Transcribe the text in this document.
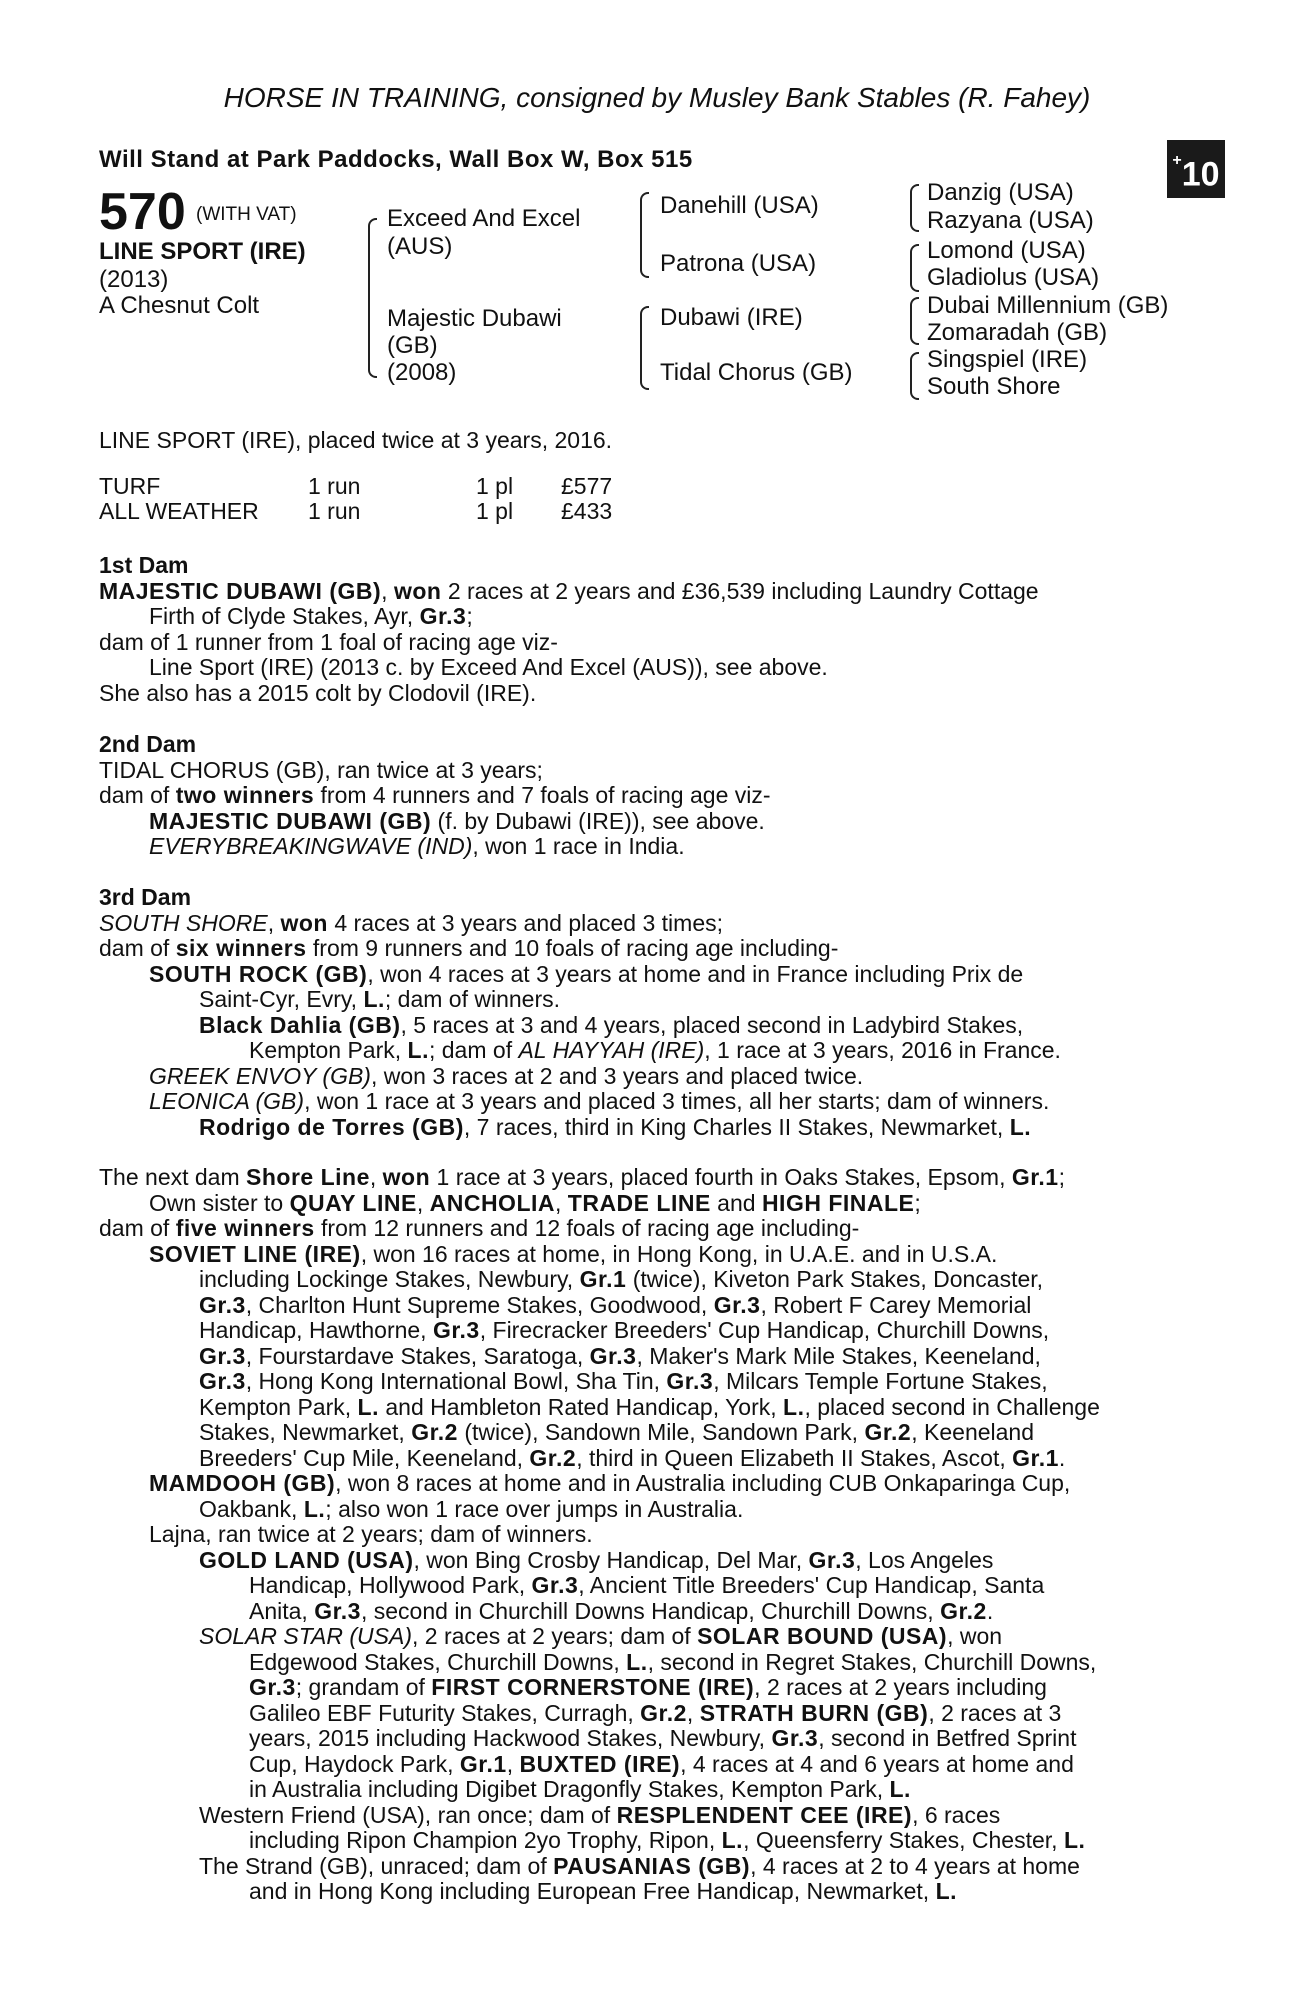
HORSE IN TRAINING, consigned by Musley Bank Stables (R. Fahey)
Will Stand at Park Paddocks, Wall Box W, Box 515	+10
570 (WITH VAT)
LINE SPORT (IRE)
(2013)
A Chesnut Colt
Exceed And Excel
(AUS)
Majestic Dubawi
(GB)
(2008)
Danehill (USA)
Patrona (USA)
Dubawi (IRE)
Tidal Chorus (GB)
Danzig (USA)
Razyana (USA)
Lomond (USA)
Gladiolus (USA)
Dubai Millennium (GB)
Zomaradah (GB)
Singspiel (IRE)
South Shore
LINE SPORT (IRE), placed twice at 3 years, 2016.
TURF	1 run	1 pl	£577
ALL WEATHER	1 run	1 pl	£433
1st Dam
MAJESTIC DUBAWI (GB), won 2 races at 2 years and £36,539 including Laundry Cottage
Firth of Clyde Stakes, Ayr, Gr.3;
dam of 1 runner from 1 foal of racing age viz-
Line Sport (IRE) (2013 c. by Exceed And Excel (AUS)), see above.
She also has a 2015 colt by Clodovil (IRE).
2nd Dam
TIDAL CHORUS (GB), ran twice at 3 years;
dam of two winners from 4 runners and 7 foals of racing age viz-
MAJESTIC DUBAWI (GB) (f. by Dubawi (IRE)), see above.
EVERYBREAKINGWAVE (IND), won 1 race in India.
3rd Dam
SOUTH SHORE, won 4 races at 3 years and placed 3 times;
dam of six winners from 9 runners and 10 foals of racing age including-
SOUTH ROCK (GB), won 4 races at 3 years at home and in France including Prix de
Saint-Cyr, Evry, L.; dam of winners.
Black Dahlia (GB), 5 races at 3 and 4 years, placed second in Ladybird Stakes,
Kempton Park, L.; dam of AL HAYYAH (IRE), 1 race at 3 years, 2016 in France.
GREEK ENVOY (GB), won 3 races at 2 and 3 years and placed twice.
LEONICA (GB), won 1 race at 3 years and placed 3 times, all her starts; dam of winners.
Rodrigo de Torres (GB), 7 races, third in King Charles II Stakes, Newmarket, L.
The next dam Shore Line, won 1 race at 3 years, placed fourth in Oaks Stakes, Epsom, Gr.1;
Own sister to QUAY LINE, ANCHOLIA, TRADE LINE and HIGH FINALE;
dam of five winners from 12 runners and 12 foals of racing age including-
SOVIET LINE (IRE), won 16 races at home, in Hong Kong, in U.A.E. and in U.S.A.
including Lockinge Stakes, Newbury, Gr.1 (twice), Kiveton Park Stakes, Doncaster,
Gr.3, Charlton Hunt Supreme Stakes, Goodwood, Gr.3, Robert F Carey Memorial
Handicap, Hawthorne, Gr.3, Firecracker Breeders' Cup Handicap, Churchill Downs,
Gr.3, Fourstardave Stakes, Saratoga, Gr.3, Maker's Mark Mile Stakes, Keeneland,
Gr.3, Hong Kong International Bowl, Sha Tin, Gr.3, Milcars Temple Fortune Stakes,
Kempton Park, L. and Hambleton Rated Handicap, York, L., placed second in Challenge
Stakes, Newmarket, Gr.2 (twice), Sandown Mile, Sandown Park, Gr.2, Keeneland
Breeders' Cup Mile, Keeneland, Gr.2, third in Queen Elizabeth II Stakes, Ascot, Gr.1.
MAMDOOH (GB), won 8 races at home and in Australia including CUB Onkaparinga Cup,
Oakbank, L.; also won 1 race over jumps in Australia.
Lajna, ran twice at 2 years; dam of winners.
GOLD LAND (USA), won Bing Crosby Handicap, Del Mar, Gr.3, Los Angeles
Handicap, Hollywood Park, Gr.3, Ancient Title Breeders' Cup Handicap, Santa
Anita, Gr.3, second in Churchill Downs Handicap, Churchill Downs, Gr.2.
SOLAR STAR (USA), 2 races at 2 years; dam of SOLAR BOUND (USA), won
Edgewood Stakes, Churchill Downs, L., second in Regret Stakes, Churchill Downs,
Gr.3; grandam of FIRST CORNERSTONE (IRE), 2 races at 2 years including
Galileo EBF Futurity Stakes, Curragh, Gr.2, STRATH BURN (GB), 2 races at 3
years, 2015 including Hackwood Stakes, Newbury, Gr.3, second in Betfred Sprint
Cup, Haydock Park, Gr.1, BUXTED (IRE), 4 races at 4 and 6 years at home and
in Australia including Digibet Dragonfly Stakes, Kempton Park, L.
Western Friend (USA), ran once; dam of RESPLENDENT CEE (IRE), 6 races
including Ripon Champion 2yo Trophy, Ripon, L., Queensferry Stakes, Chester, L.
The Strand (GB), unraced; dam of PAUSANIAS (GB), 4 races at 2 to 4 years at home
and in Hong Kong including European Free Handicap, Newmarket, L.
